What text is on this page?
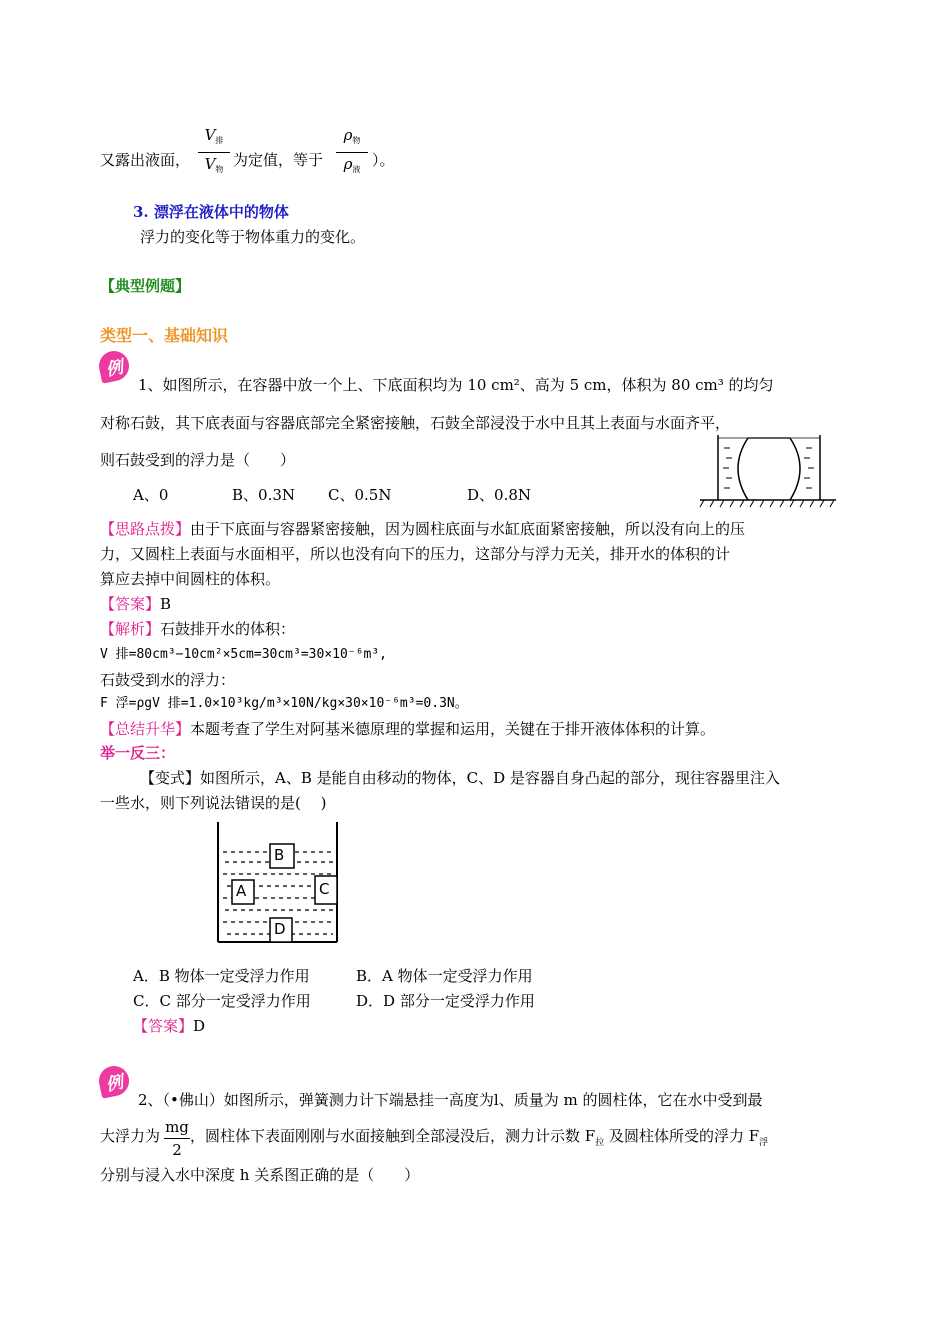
又露出液面，
$V_排$
$V_物$
为定值，等于
$\rho_物$
$\rho_液$
）。
3. 漂浮在液体中的物体
浮力的变化等于物体重力的变化。
【典型例题】
类型一、基础知识
例
1、如图所示，在容器中放一个上、下底面积均为 10 cm²、高为 5 cm，体积为 80 cm³ 的均匀
对称石鼓，其下底表面与容器底部完全紧密接触，石鼓全部浸没于水中且其上表面与水面齐平，
则石鼓受到的浮力是（　　）
A、0	B、0.3N C、0.5N	D、0.8N
【思路点拨】由于下底面与容器紧密接触，因为圆柱底面与水缸底面紧密接触，所以没有向上的压
力，又圆柱上表面与水面相平，所以也没有向下的压力，这部分与浮力无关，排开水的体积的计
算应去掉中间圆柱的体积。
【答案】B
【解析】石鼓排开水的体积：
V 排=80cm³−10cm²×5cm=30cm³=30×10⁻⁶m³,
石鼓受到水的浮力：
F 浮=ρgV 排=1.0×10³kg/m³×10N/kg×30×10⁻⁶m³=0.3N。
【总结升华】本题考查了学生对阿基米德原理的掌握和运用，关键在于排开液体体积的计算。
举一反三：
【变式】如图所示，A、B 是能自由移动的物体，C、D 是容器自身凸起的部分，现往容器里注入
一些水，则下列说法错误的是(　 )
B
A	C
D
A．B 物体一定受浮力作用	B．A 物体一定受浮力作用
C．C 部分一定受浮力作用	D．D 部分一定受浮力作用
【答案】D
例
2、（•佛山）如图所示，弹簧测力计下端悬挂一高度为l、质量为 m 的圆柱体，它在水中受到最
大浮力为 mg
2
，圆柱体下表面刚刚与水面接触到全部浸没后，测力计示数 $F_拉$ 及圆柱体所受的浮力 $F_浮$
分别与浸入水中深度 h 关系图正确的是（　　）
